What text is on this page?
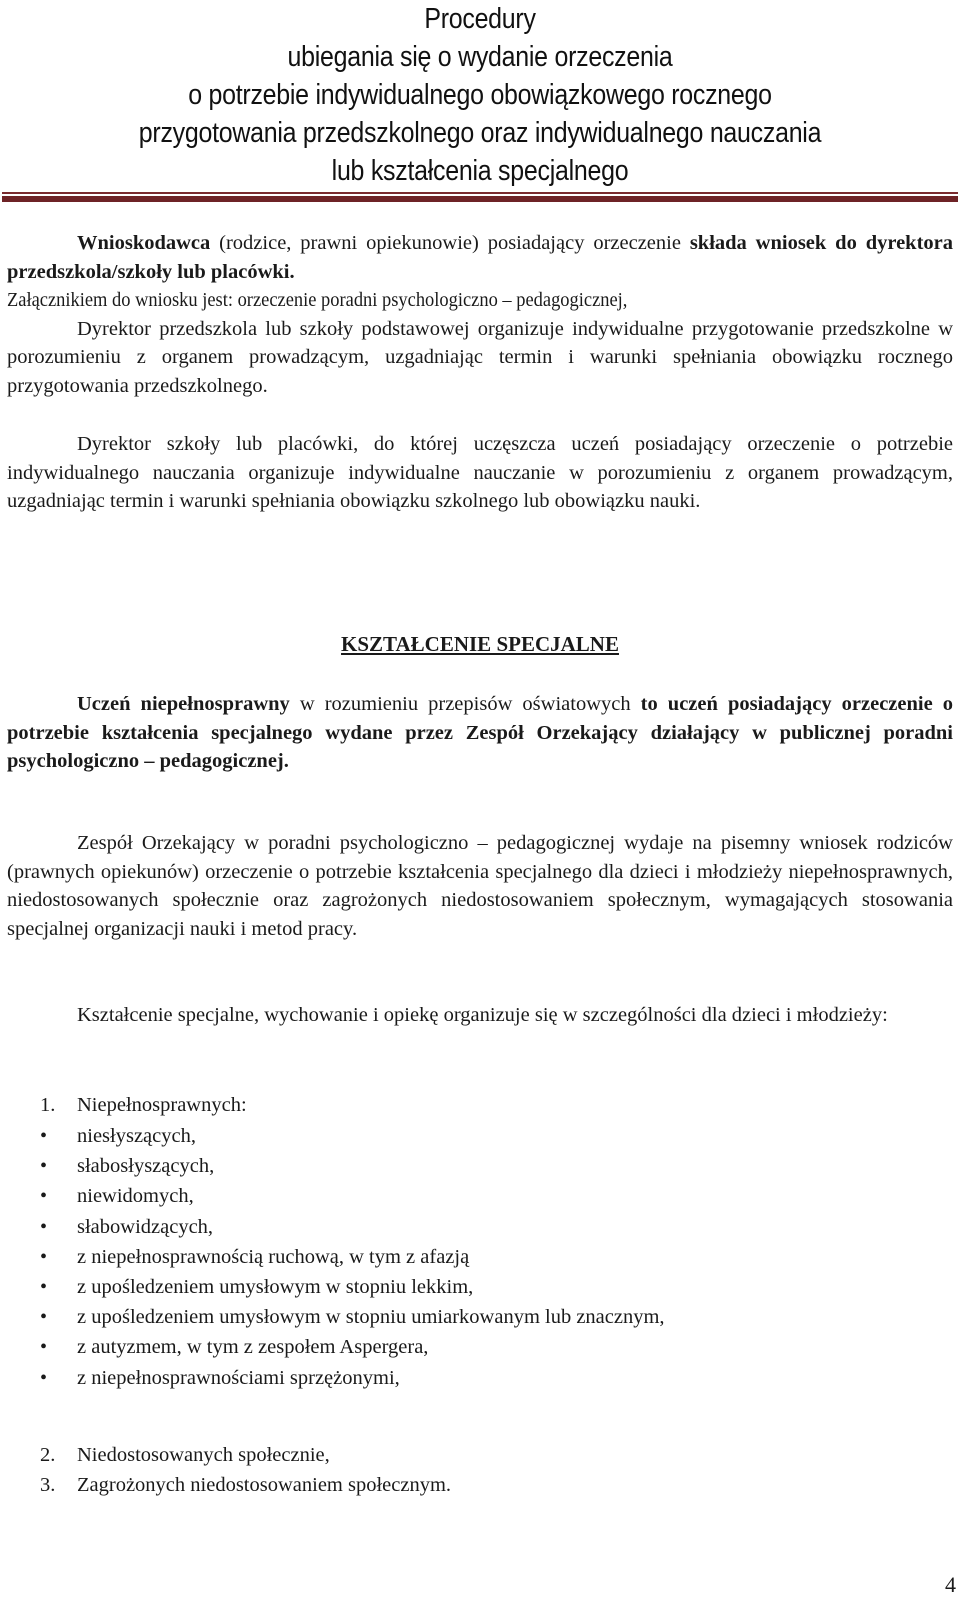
Procedury
ubiegania się o wydanie orzeczenia
o potrzebie indywidualnego obowiązkowego rocznego
przygotowania przedszkolnego oraz indywidualnego nauczania
lub kształcenia specjalnego

Wnioskodawca (rodzice, prawni opiekunowie) posiadający orzeczenie składa wniosek do dyrektora przedszkola/szkoły lub placówki.

Załącznikiem do wniosku jest: orzeczenie poradni psychologiczno – pedagogicznej,

Dyrektor przedszkola lub szkoły podstawowej organizuje indywidualne przygotowanie przedszkolne w porozumieniu z organem prowadzącym, uzgadniając termin i warunki spełniania obowiązku rocznego przygotowania przedszkolnego.

Dyrektor szkoły lub placówki, do której uczęszcza uczeń posiadający orzeczenie o potrzebie indywidualnego nauczania organizuje indywidualne nauczanie w porozumieniu z organem prowadzącym, uzgadniając termin i warunki spełniania obowiązku szkolnego lub obowiązku nauki.

KSZTAŁCENIE SPECJALNE

Uczeń niepełnosprawny w rozumieniu przepisów oświatowych to uczeń posiadający orzeczenie o potrzebie kształcenia specjalnego wydane przez Zespół Orzekający działający w publicznej poradni psychologiczno – pedagogicznej.

Zespół Orzekający w poradni psychologiczno – pedagogicznej wydaje na pisemny wniosek rodziców (prawnych opiekunów) orzeczenie o potrzebie kształcenia specjalnego dla dzieci i młodzieży niepełnosprawnych, niedostosowanych społecznie oraz zagrożonych niedostosowaniem społecznym, wymagających stosowania specjalnej organizacji nauki i metod pracy.

Kształcenie specjalne, wychowanie i opiekę organizuje się w szczególności dla dzieci i młodzieży:

1.	Niepełnosprawnych:
•	niesłyszących,
•	słabosłyszących,
•	niewidomych,
•	słabowidzących,
•	z niepełnosprawnością ruchową, w tym z afazją
•	z upośledzeniem umysłowym w stopniu lekkim,
•	z upośledzeniem umysłowym w stopniu umiarkowanym lub znacznym,
•	z autyzmem, w tym z zespołem Aspergera,
•	z niepełnosprawnościami sprzężonymi,
2.	Niedostosowanych społecznie,
3.	Zagrożonych niedostosowaniem społecznym.
4
